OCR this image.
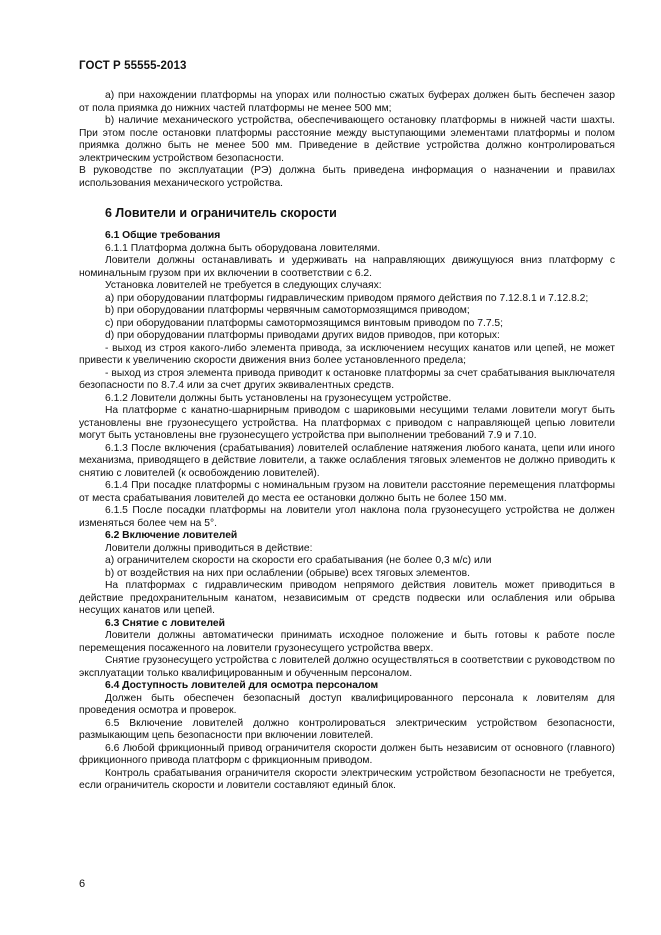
ГОСТ Р 55555-2013

а) при нахождении платформы на упорах или полностью сжатых буферах должен быть беспечен зазор от пола приямка до нижних частей платформы не менее 500 мм;

b) наличие механического устройства, обеспечивающего остановку платформы в нижней части шахты. При этом после остановки платформы расстояние между выступающими элементами платформы и полом приямка должно быть не менее 500 мм. Приведение в действие устройства должно контролироваться электрическим устройством безопасности.

В руководстве по эксплуатации (РЭ) должна быть приведена информация о назначении и правилах использования механического устройства.

6 Ловители и ограничитель скорости

6.1 Общие требования

6.1.1 Платформа должна быть оборудована ловителями.

Ловители должны останавливать и удерживать на направляющих движущуюся вниз платформу с номинальным грузом при их включении в соответствии с 6.2.

Установка ловителей не требуется в следующих случаях:

а) при оборудовании платформы гидравлическим приводом прямого действия по 7.12.8.1 и 7.12.8.2;

b) при оборудовании платформы червячным самотормозящимся приводом;

c) при оборудовании платформы самотормозящимся винтовым приводом по 7.7.5;

d) при оборудовании платформы приводами других видов приводов, при которых:

- выход из строя какого-либо элемента привода, за исключением несущих канатов или цепей, не может привести к увеличению скорости движения вниз более установленного предела;

- выход из строя элемента привода приводит к остановке платформы за счет срабатывания выключателя безопасности по 8.7.4 или за счет других эквивалентных средств.

6.1.2 Ловители должны быть установлены на грузонесущем устройстве.

На платформе с канатно-шарнирным приводом с шариковыми несущими телами ловители могут быть установлены вне грузонесущего устройства. На платформах с приводом с направляющей цепью ловители могут быть установлены вне грузонесущего устройства при выполнении требований 7.9 и 7.10.

6.1.3 После включения (срабатывания) ловителей ослабление натяжения любого каната, цепи или иного механизма, приводящего в действие ловители, а также ослабления тяговых элементов не должно приводить к снятию с ловителей (к освобождению ловителей).

6.1.4 При посадке платформы с номинальным грузом на ловители расстояние перемещения платформы от места срабатывания ловителей до места ее остановки должно быть не более 150 мм.

6.1.5 После посадки платформы на ловители угол наклона пола грузонесущего устройства не должен изменяться более чем на 5°.

6.2 Включение ловителей

Ловители должны приводиться в действие:

а) ограничителем скорости на скорости его срабатывания (не более 0,3 м/с) или

b) от воздействия на них при ослаблении (обрыве) всех тяговых элементов.

На платформах с гидравлическим приводом непрямого действия ловитель может приводиться в действие предохранительным канатом, независимым от средств подвески или ослабления или обрыва несущих канатов или цепей.

6.3 Снятие с ловителей

Ловители должны автоматически принимать исходное положение и быть готовы к работе после перемещения посаженного на ловители грузонесущего устройства вверх.

Снятие грузонесущего устройства с ловителей должно осуществляться в соответствии с руководством по эксплуатации только квалифицированным и обученным персоналом.

6.4 Доступность ловителей для осмотра персоналом

Должен быть обеспечен безопасный доступ квалифицированного персонала к ловителям для проведения осмотра и проверок.

6.5 Включение ловителей должно контролироваться электрическим устройством безопасности, размыкающим цепь безопасности при включении ловителей.

6.6 Любой фрикционный привод ограничителя скорости должен быть независим от основного (главного) фрикционного привода платформ с фрикционным приводом.

Контроль срабатывания ограничителя скорости электрическим устройством безопасности не требуется, если ограничитель скорости и ловители составляют единый блок.

6
